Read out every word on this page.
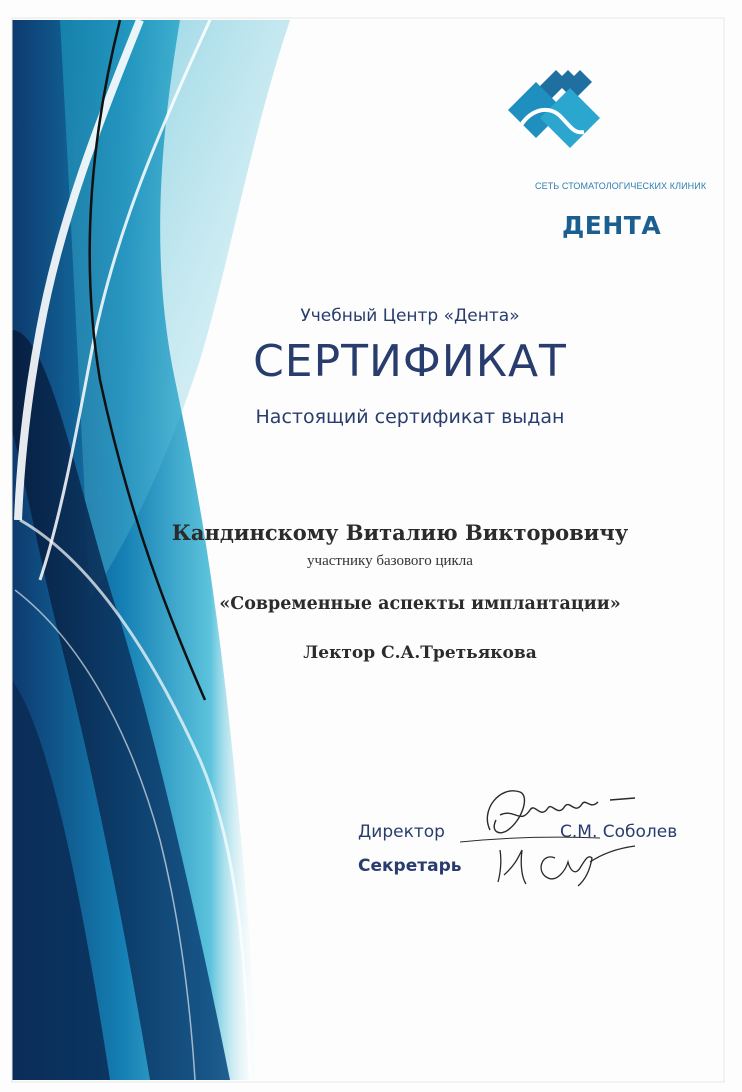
ДЕНТА
СЕТЬ СТОМАТОЛОГИЧЕСКИХ КЛИНИК
Учебный Центр «Дента»
СЕРТИФИКАТ
Настоящий сертификат выдан
Кандинскому Виталию Викторовичу
участнику базового цикла
«Современные аспекты имплантации»
Лектор С.А.Третьякова
Директор	С.М. Соболев
Секретарь
